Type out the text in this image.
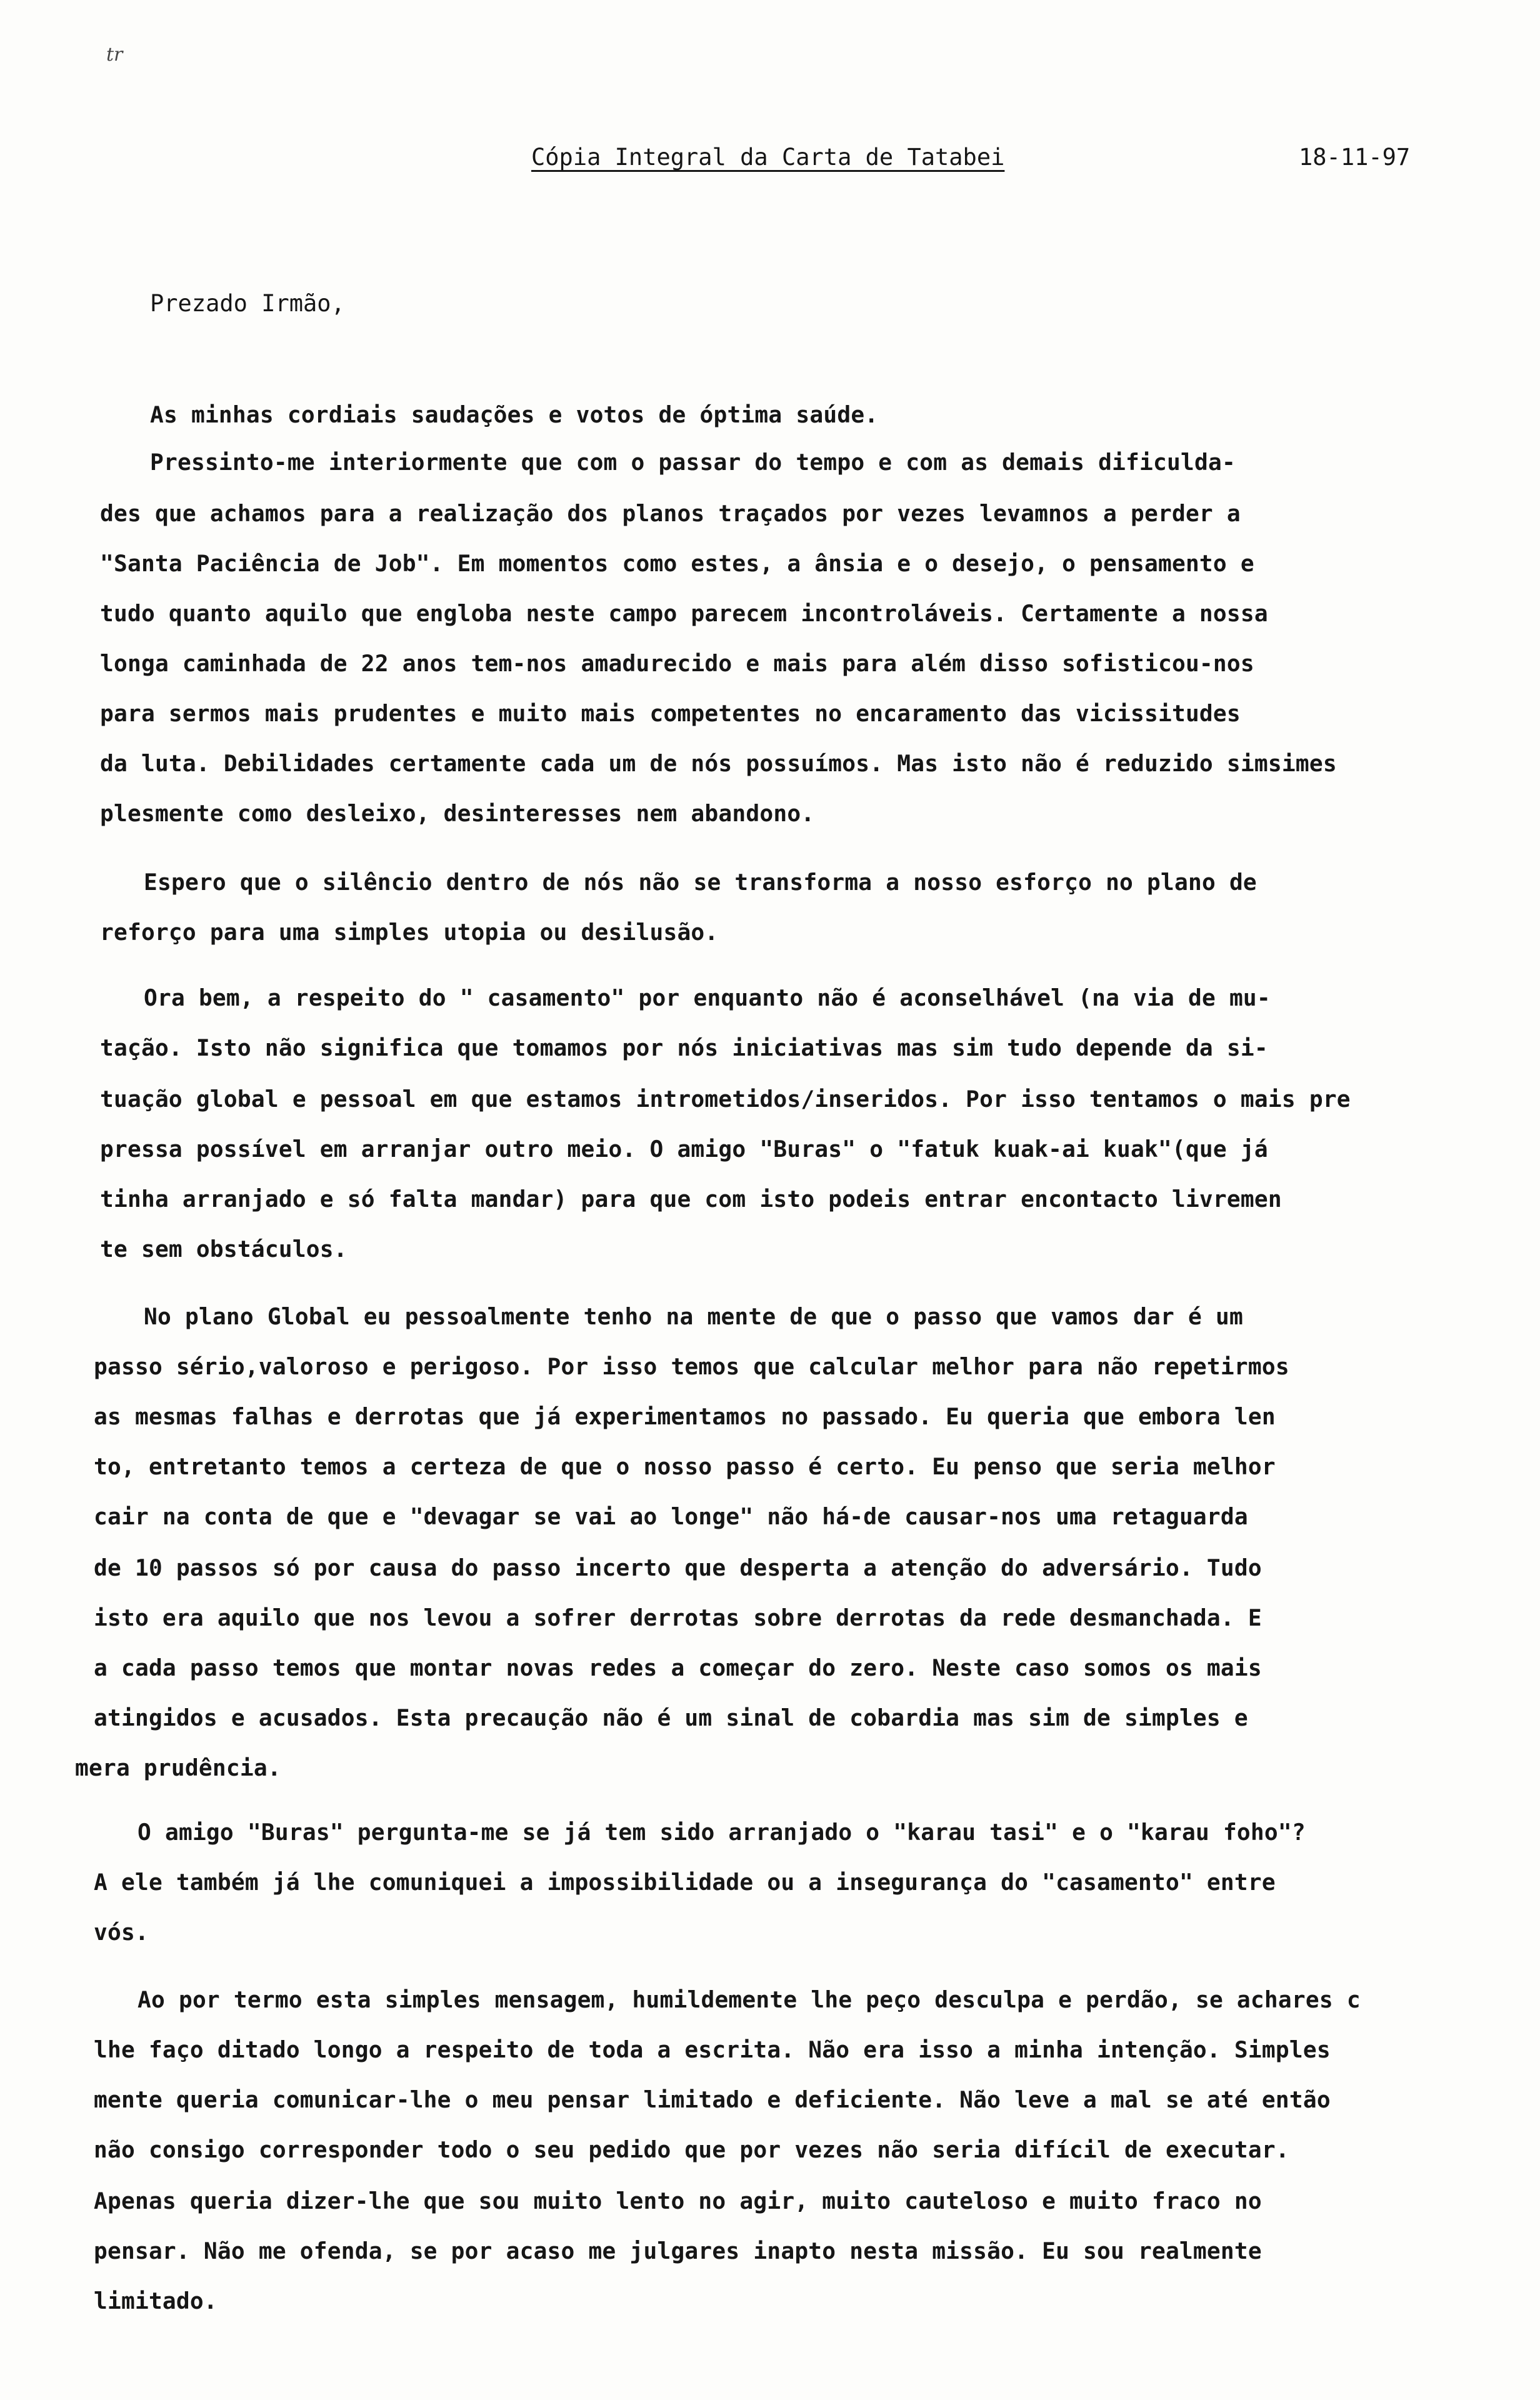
tr
Cópia Integral da Carta de Tatabei	18-11-97
Prezado Irmão,
As minhas cordiais saudações e votos de óptima saúde.
Pressinto-me interiormente que com o passar do tempo e com as demais dificulda-
des que achamos para a realização dos planos traçados por vezes levamnos a perder a
"Santa Paciência de Job". Em momentos como estes, a ânsia e o desejo, o pensamento e
tudo quanto aquilo que engloba neste campo parecem incontroláveis. Certamente a nossa
longa caminhada de 22 anos tem-nos amadurecido e mais para além disso sofisticou-nos
para sermos mais prudentes e muito mais competentes no encaramento das vicissitudes
da luta. Debilidades certamente cada um de nós possuímos. Mas isto não é reduzido simsimes
plesmente como desleixo, desinteresses nem abandono.
Espero que o silêncio dentro de nós não se transforma a nosso esforço no plano de
reforço para uma simples utopia ou desilusão.
Ora bem, a respeito do " casamento" por enquanto não é aconselhável (na via de mu-
tação. Isto não significa que tomamos por nós iniciativas mas sim tudo depende da si-
tuação global e pessoal em que estamos intrometidos/inseridos. Por isso tentamos o mais pre
pressa possível em arranjar outro meio. O amigo "Buras" o "fatuk kuak-ai kuak"(que já
tinha arranjado e só falta mandar) para que com isto podeis entrar encontacto livremen
te sem obstáculos.
No plano Global eu pessoalmente tenho na mente de que o passo que vamos dar é um
passo sério,valoroso e perigoso. Por isso temos que calcular melhor para não repetirmos
as mesmas falhas e derrotas que já experimentamos no passado. Eu queria que embora len
to, entretanto temos a certeza de que o nosso passo é certo. Eu penso que seria melhor
cair na conta de que e "devagar se vai ao longe" não há-de causar-nos uma retaguarda
de 10 passos só por causa do passo incerto que desperta a atenção do adversário. Tudo
isto era aquilo que nos levou a sofrer derrotas sobre derrotas da rede desmanchada. E
a cada passo temos que montar novas redes a começar do zero. Neste caso somos os mais
atingidos e acusados. Esta precaução não é um sinal de cobardia mas sim de simples e
mera prudência.
O amigo "Buras" pergunta-me se já tem sido arranjado o "karau tasi" e o "karau foho"?
A ele também já lhe comuniquei a impossibilidade ou a insegurança do "casamento" entre
vós.
Ao por termo esta simples mensagem, humildemente lhe peço desculpa e perdão, se achares c
lhe faço ditado longo a respeito de toda a escrita. Não era isso a minha intenção. Simples
mente queria comunicar-lhe o meu pensar limitado e deficiente. Não leve a mal se até então
não consigo corresponder todo o seu pedido que por vezes não seria difícil de executar.
Apenas queria dizer-lhe que sou muito lento no agir, muito cauteloso e muito fraco no
pensar. Não me ofenda, se por acaso me julgares inapto nesta missão. Eu sou realmente
limitado.
